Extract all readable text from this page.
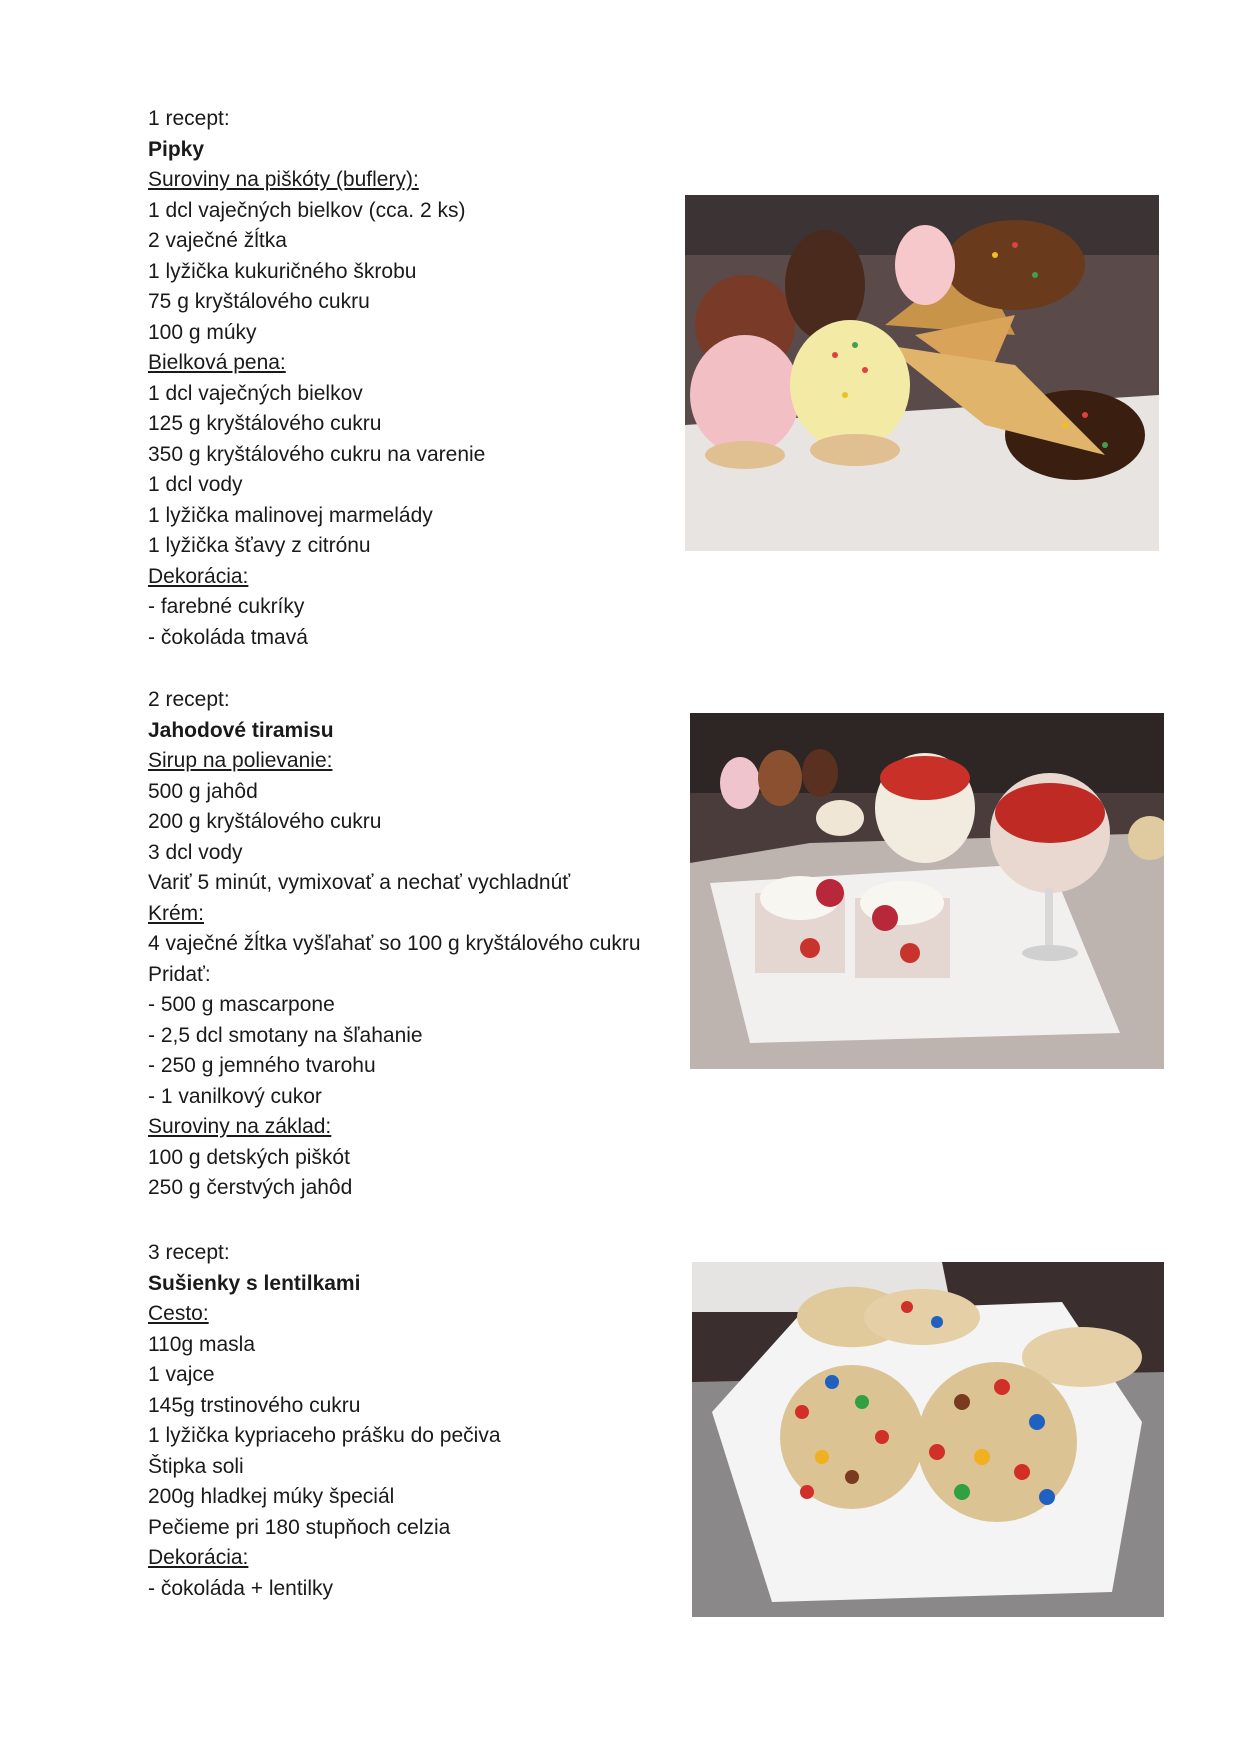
1 recept:
Pipky
Suroviny na piškóty (buflery):
1 dcl vaječných bielkov (cca. 2 ks)
2 vaječné žĺtka
1 lyžička kukuričného škrobu
75 g kryštálového cukru
100 g múky
Bielková pena:
1 dcl vaječných bielkov
125 g kryštálového cukru
350 g kryštálového cukru na varenie
1 dcl vody
1 lyžička malinovej marmelády
1 lyžička šťavy z citrónu
Dekorácia:
- farebné cukríky
- čokoláda tmavá
2 recept:
Jahodové tiramisu
Sirup na polievanie:
500 g jahôd
200 g kryštálového cukru
3 dcl vody
Variť 5 minút, vymixovať a nechať vychladnúť
Krém:
4 vaječné žĺtka vyšľahať so 100 g kryštálového cukru
Pridať:
- 500 g mascarpone
- 2,5 dcl smotany na šľahanie
- 250 g jemného tvarohu
- 1 vanilkový cukor
Suroviny na základ:
100 g detských piškót
250 g čerstvých jahôd
3 recept:
Sušienky s lentilkami
Cesto:
110g masla
1 vajce
145g trstinového cukru
1 lyžička kypriaceho prášku do pečiva
Štipka soli
200g hladkej múky špeciál
Pečieme pri 180 stupňoch celzia
Dekorácia:
- čokoláda + lentilky
